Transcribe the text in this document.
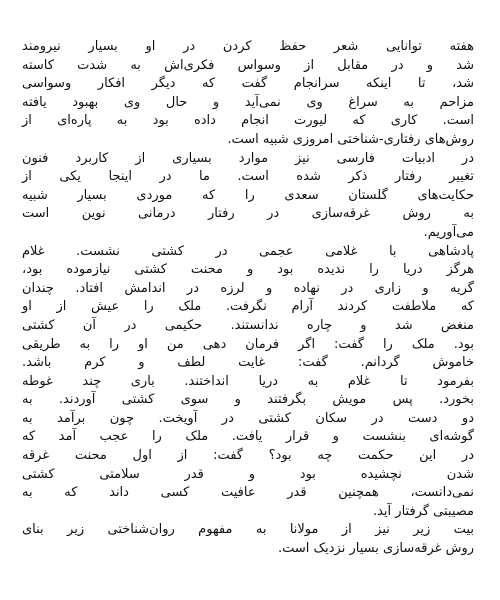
هفته توانایی شعر حفظ کردن در او بسیار نیرومند
شد و در مقابل از وسواس فکری‌اش به شدت کاسته
شد، تا اینکه سرانجام گفت که دیگر افکار وسواسی
مزاحم به سراغ وی نمی‌آید و حال وی بهبود یافته
است. کاری که لیورت انجام داده بود به پاره‌ای از
روش‌های رفتاری-شناختی امروزی شبیه است.
در ادبیات فارسی نیز موارد بسیاری از کاربرد فنون
تغییر رفتار ذکر شده است. ما در اینجا یکی از
حکایت‌های گلستان سعدی را که موردی بسیار شبیه
به روش غرقه‌سازی در رفتار درمانی نوین است
می‌آوریم.
پادشاهی با غلامی عجمی در کشتی نشست. غلام
هرگز دریا را ندیده بود و محنت کشتی نیازموده بود،
گریه و زاری در نهاده و لرزه در اندامش افتاد. چندان
که ملاطفت کردند آرام نگرفت. ملک را عیش از او
منغض شد و چاره ندانستند. حکیمی در آن کشتی
بود. ملک را گفت: اگر فرمان دهی من او را به طریقی
خاموش گردانم. گفت: غایت لطف و کرم باشد.
بفرمود تا غلام به دریا انداختند. باری چند غوطه
بخورد. پس مویش بگرفتند و سوی کشتی آوردند. به
دو دست در سکان کشتی در آویخت. چون برآمد به
گوشه‌ای بنشست و قرار یافت. ملک را عجب آمد که
در این حکمت چه بود؟ گفت: از اول محنت غرقه
شدن نچشیده بود و قدر سلامتی کشتی
نمی‌دانست، همچنین قدر عافیت کسی داند که به
مصیبتی گرفتار آید.
بیت زیر نیز از مولانا به مفهوم روان‌شناختی زیر بنای
روش غرقه‌سازی بسیار نزدیک است.
